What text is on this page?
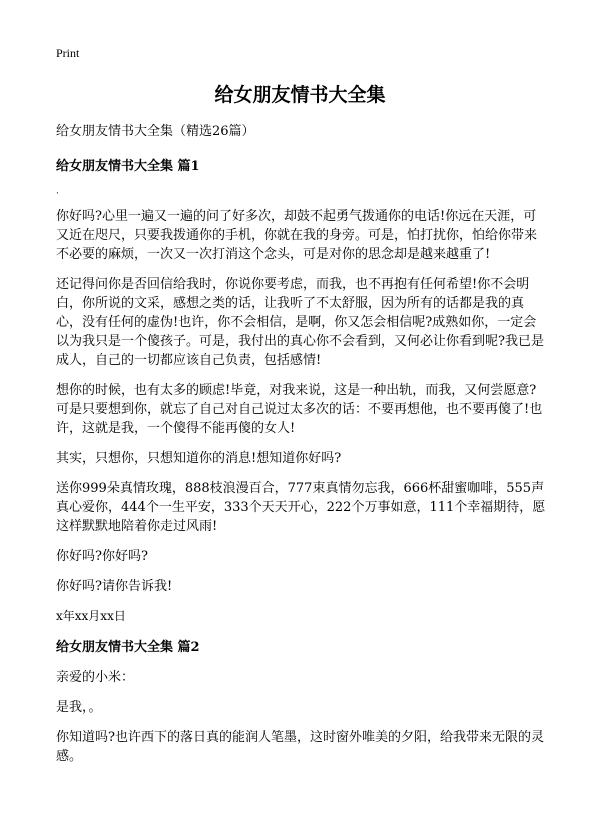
Print
给女朋友情书大全集
给女朋友情书大全集（精选26篇）
给女朋友情书大全集 篇1
·
你好吗?心里一遍又一遍的问了好多次，却鼓不起勇气拨通你的电话!你远在天涯，可又近在咫尺，只要我拨通你的手机，你就在我的身旁。可是，怕打扰你，怕给你带来不必要的麻烦，一次又一次打消这个念头，可是对你的思念却是越来越重了!
还记得问你是否回信给我时，你说你要考虑，而我，也不再抱有任何希望!你不会明白，你所说的文采，感想之类的话，让我听了不太舒服，因为所有的话都是我的真心，没有任何的虚伪!也许，你不会相信，是啊，你又怎会相信呢?成熟如你，一定会以为我只是一个傻孩子。可是，我付出的真心你不会看到，又何必让你看到呢?我已是成人，自己的一切都应该自己负责，包括感情!
想你的时候，也有太多的顾虑!毕竟，对我来说，这是一种出轨，而我，又何尝愿意?可是只要想到你，就忘了自己对自己说过太多次的话：不要再想他，也不要再傻了!也许，这就是我，一个傻得不能再傻的女人!
其实，只想你，只想知道你的消息!想知道你好吗?
送你999朵真情玫瑰，888枝浪漫百合，777束真情勿忘我，666杯甜蜜咖啡，555声真心爱你，444个一生平安，333个天天开心，222个万事如意，111个幸福期待，愿这样默默地陪着你走过风雨!
你好吗?你好吗?
你好吗?请你告诉我!
x年xx月xx日
给女朋友情书大全集 篇2
亲爱的小米：
是我，。
你知道吗?也许西下的落日真的能润人笔墨，这时窗外唯美的夕阳，给我带来无限的灵感。
